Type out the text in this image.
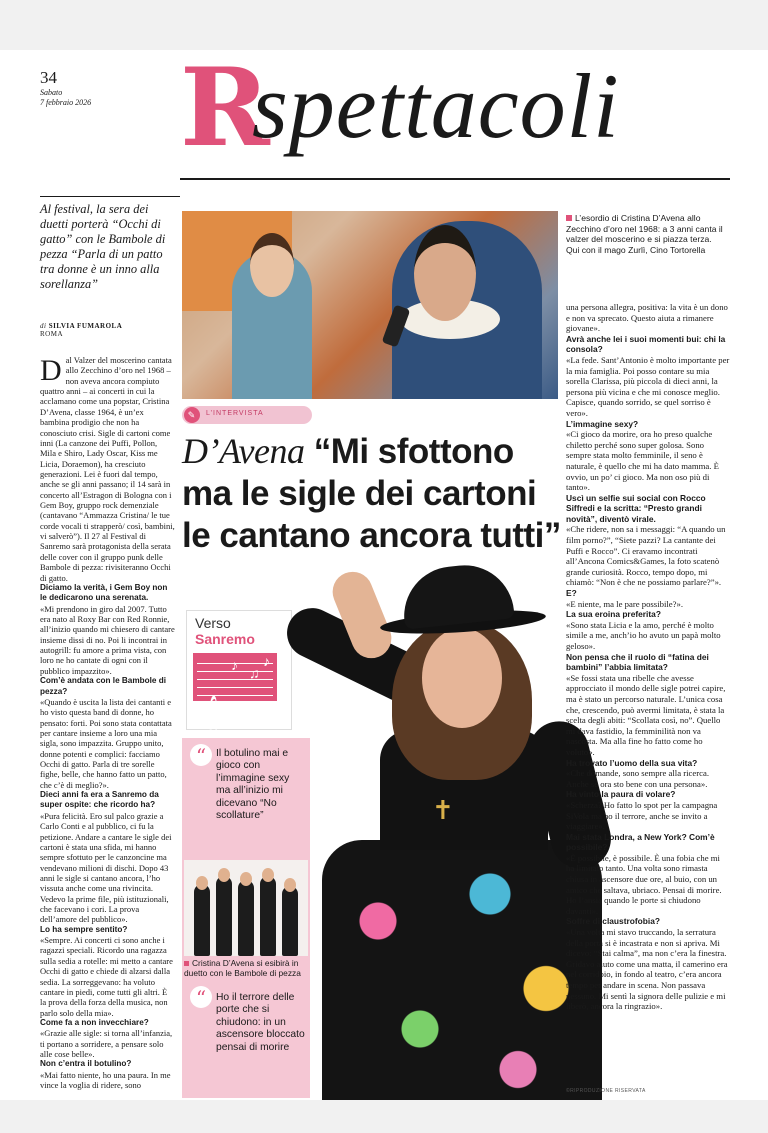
34
Sabato
7 febbraio 2026 R
spettacoli
Al festival, la sera dei duetti porterà “Occhi di gatto” con le Bambole di pezza “Parla di un patto tra donne è un inno alla sorellanza”
di SILVIA FUMAROLA
ROMA

Dal Valzer del moscerino cantata allo Zecchino d’oro nel 1968 – non aveva ancora compiuto quattro anni – ai concerti in cui la acclamano come una popstar, Cristina D’Avena, classe 1964, è un’ex bambina prodigio che non ha conosciuto crisi. Sigle di cartoni come inni (La canzone dei Puffi, Pollon, Mila e Shiro, Lady Oscar, Kiss me Licia, Doraemon), ha cresciuto generazioni. Lei è fuori dal tempo, anche se gli anni passano; il 14 sarà in concerto all’Estragon di Bologna con i Gem Boy, gruppo rock demenziale (cantavano “Ammazza Cristina/ le tue corde vocali ti strapperò/ così, bambini, vi salverò”). Il 27 al Festival di Sanremo sarà protagonista della serata delle cover con il gruppo punk delle Bambole di pezza: rivisiteranno Occhi di gatto.

Diciamo la verità, i Gem Boy non le dedicarono una serenata.

«Mi prendono in giro dal 2007. Tutto era nato al Roxy Bar con Red Ronnie, all’inizio quando mi chiesero di cantare insieme dissi di no. Poi li incontrai in autogrill: fu amore a prima vista, con loro ne ho cantate di ogni con il pubblico impazzito».

Com’è andata con le Bambole di pezza?

«Quando è uscita la lista dei cantanti e ho visto questa band di donne, ho pensato: forti. Poi sono stata contattata per cantare insieme a loro una mia sigla, sono impazzita. Gruppo unito, donne potenti e complici: facciamo Occhi di gatto. Parla di tre sorelle fighe, belle, che hanno fatto un patto, che c’è di meglio?».

Dieci anni fa era a Sanremo da super ospite: che ricordo ha?

«Pura felicità. Ero sul palco grazie a Carlo Conti e al pubblico, ci fu la petizione. Andare a cantare le sigle dei cartoni è stata una sfida, mi hanno sempre sfottuto per le canzoncine ma vendevano milioni di dischi. Dopo 43 anni le sigle si cantano ancora, l’ho vissuta anche come una rivincita. Vedevo la prime file, più istituzionali, che facevano i cori. La prova dell’amore del pubblico».

Lo ha sempre sentito?

«Sempre. Ai concerti ci sono anche i ragazzi speciali. Ricordo una ragazza sulla sedia a rotelle: mi metto a cantare Occhi di gatto e chiede di alzarsi dalla sedia. La sorreggevano: ha voluto cantare in piedi, come tutti gli altri. È la prova della forza della musica, non parlo solo della mia».

Come fa a non invecchiare?

«Grazie alle sigle: si torna all’infanzia, ti portano a sorridere, a pensare solo alle cose belle».

Non c’entra il botulino?

«Mai fatto niente, ho una paura. In me vince la voglia di ridere, sono

L’esordio di Cristina D’Avena allo Zecchino d’oro nel 1968: a 3 anni canta il valzer del moscerino e si piazza terza. Qui con il mago Zurlì, Cino Tortorella
✎	L’INTERVISTA
D’Avena “Mi sfottono
ma le sigle dei cartoni
le cantano ancora tutti”
Verso
Sanremo
𝄞
♪
♫
♪
✝
“ Il botulino mai e gioco con l’immagine sexy ma all’inizio mi dicevano “No scollature”
“ Ho il terrore delle porte che si chiudono: in un ascensore bloccato pensai di morire
Cristina D’Avena si esibirà in duetto con le Bambole di pezza

una persona allegra, positiva: la vita è un dono e non va sprecato. Questo aiuta a rimanere giovane».

Avrà anche lei i suoi momenti bui: chi la consola?

«La fede. Sant’Antonio è molto importante per la mia famiglia. Poi posso contare su mia sorella Clarissa, più piccola di dieci anni, la persona più vicina e che mi conosce meglio. Capisce, quando sorrido, se quel sorriso è vero».

L’immagine sexy?

«Ci gioco da morire, ora ho preso qualche chiletto perché sono super golosa. Sono sempre stata molto femminile, il seno è naturale, è quello che mi ha dato mamma. È ovvio, un po’ ci gioco. Ma non oso più di tanto».

Uscì un selfie sui social con Rocco Siffredi e la scritta: “Presto grandi novità”, diventò virale.

«Che ridere, non sa i messaggi: “A quando un film porno?”, “Siete pazzi? La cantante dei Puffi e Rocco”. Ci eravamo incontrati all’Ancona Comics&Games, la foto scatenò grande curiosità. Rocco, tempo dopo, mi chiamò: “Non è che ne possiamo parlare?”».

E?

«E niente, ma le pare possibile?».

La sua eroina preferita?

«Sono stata Licia e la amo, perché è molto simile a me, anch’io ho avuto un papà molto geloso».

Non pensa che il ruolo di “fatina dei bambini” l’abbia limitata?

«Se fossi stata una ribelle che avesse approcciato il mondo delle sigle potrei capire, ma è stato un percorso naturale. L’unica cosa che, crescendo, può avermi limitata, è stata la scelta degli abiti: “Scollata così, no”. Quello mi dava fastidio, la femminilità non va nascosta. Ma alla fine ho fatto come ho voluto».

Ha trovato l’uomo della sua vita?

«Che domande, sono sempre alla ricerca. Anche se ora sto bene con una persona».

Ha vinto la paura di volare?

«Scherza? Ho fatto lo spot per la campagna SiVola ma ho il terrore, anche se invito a viaggiare».

Mai stata Londra, a New York? Com’è possibile?

«È possibile, è possibile. È una fobia che mi ha limitato tanto. Una volta sono rimasta chiusa in ascensore due ore, al buio, con un amico che saltava, ubriaco. Pensai di morire. Ho l’ansia quando le porte si chiudono davanti».

Soffre di claustrofobia?

«Una volta mi stavo truccando, la serratura della porta si è incastrata e non si apriva. Mi dicevo: “Stai calma”, ma non c’era la finestra. Gridavo aiuto come una matta, il camerino era nel corridoio, in fondo al teatro, c’era ancora tempo per andare in scena. Non passava nessuno. Mi sentì la signora delle pulizie e mi liberò, ancora la ringrazio».

©RIPRODUZIONE RISERVATA
